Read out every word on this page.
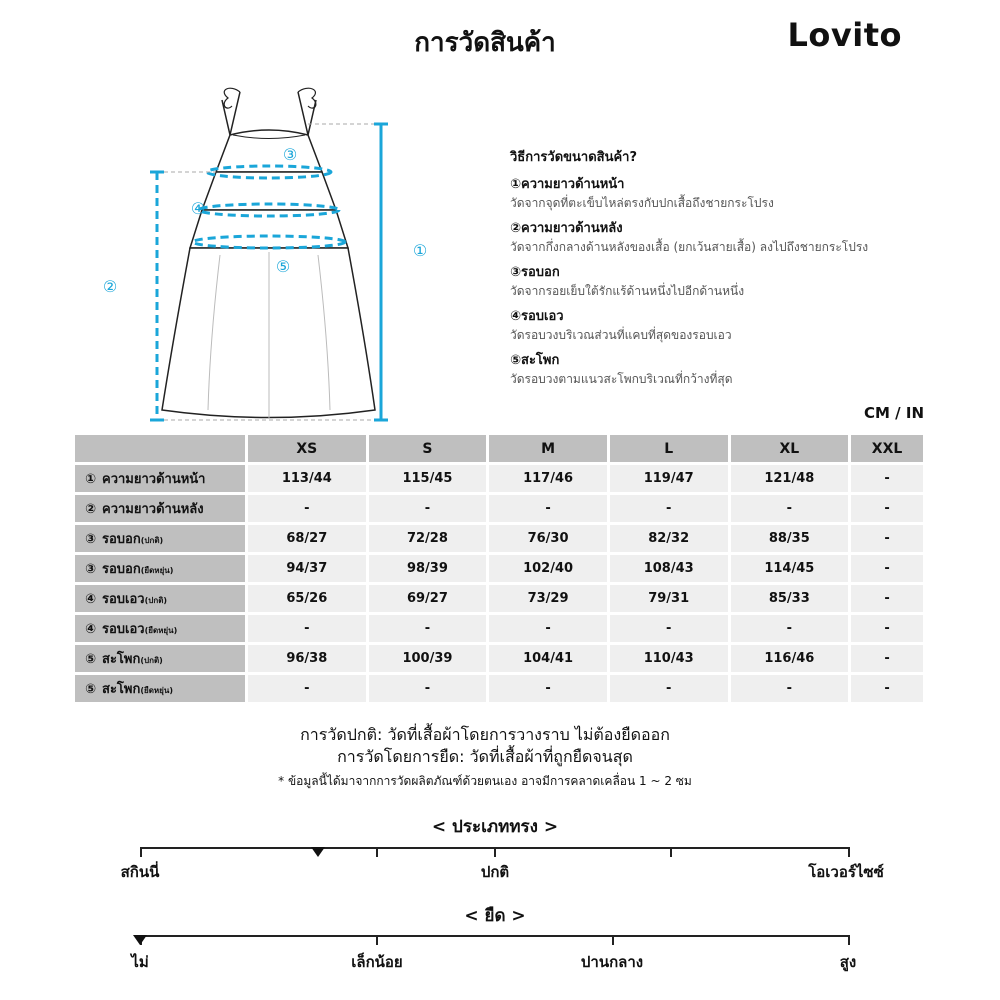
การวัดสินค้า	Lovito
③
④
⑤
①
②
วิธีการวัดขนาดสินค้า?
①ความยาวด้านหน้า
วัดจากจุดที่ตะเข็บไหล่ตรงกับปกเสื้อถึงชายกระโปรง
②ความยาวด้านหลัง
วัดจากกึ่งกลางด้านหลังของเสื้อ (ยกเว้นสายเสื้อ) ลงไปถึงชายกระโปรง
③รอบอก
วัดจากรอยเย็บใต้รักแร้ด้านหนึ่งไปอีกด้านหนึ่ง
④รอบเอว
วัดรอบวงบริเวณส่วนที่แคบที่สุดของรอบเอว
⑤สะโพก
วัดรอบวงตามแนวสะโพกบริเวณที่กว้างที่สุด
CM / IN
	XS	S	M	L	XL	XXL
① ความยาวด้านหน้า	113/44	115/45	117/46	119/47	121/48	-
② ความยาวด้านหลัง	-	-	-	-	-	-
③ รอบอก(ปกติ)	68/27	72/28	76/30	82/32	88/35	-
③ รอบอก(ยืดหยุ่น)	94/37	98/39	102/40	108/43	114/45	-
④ รอบเอว(ปกติ)	65/26	69/27	73/29	79/31	85/33	-
④ รอบเอว(ยืดหยุ่น)	-	-	-	-	-	-
⑤ สะโพก(ปกติ)	96/38	100/39	104/41	110/43	116/46	-
⑤ สะโพก(ยืดหยุ่น)	-	-	-	-	-	-
การวัดปกติ: วัดที่เสื้อผ้าโดยการวางราบ ไม่ต้องยืดออก
การวัดโดยการยืด: วัดที่เสื้อผ้าที่ถูกยืดจนสุด
* ข้อมูลนี้ได้มาจากการวัดผลิตภัณฑ์ด้วยตนเอง อาจมีการคลาดเคลื่อน 1 ~ 2 ซม
< ประเภททรง >
สกินนี่	ปกติ	โอเวอร์ไซซ์
< ยืด >
ไม่	เล็กน้อย	ปานกลาง	สูง
